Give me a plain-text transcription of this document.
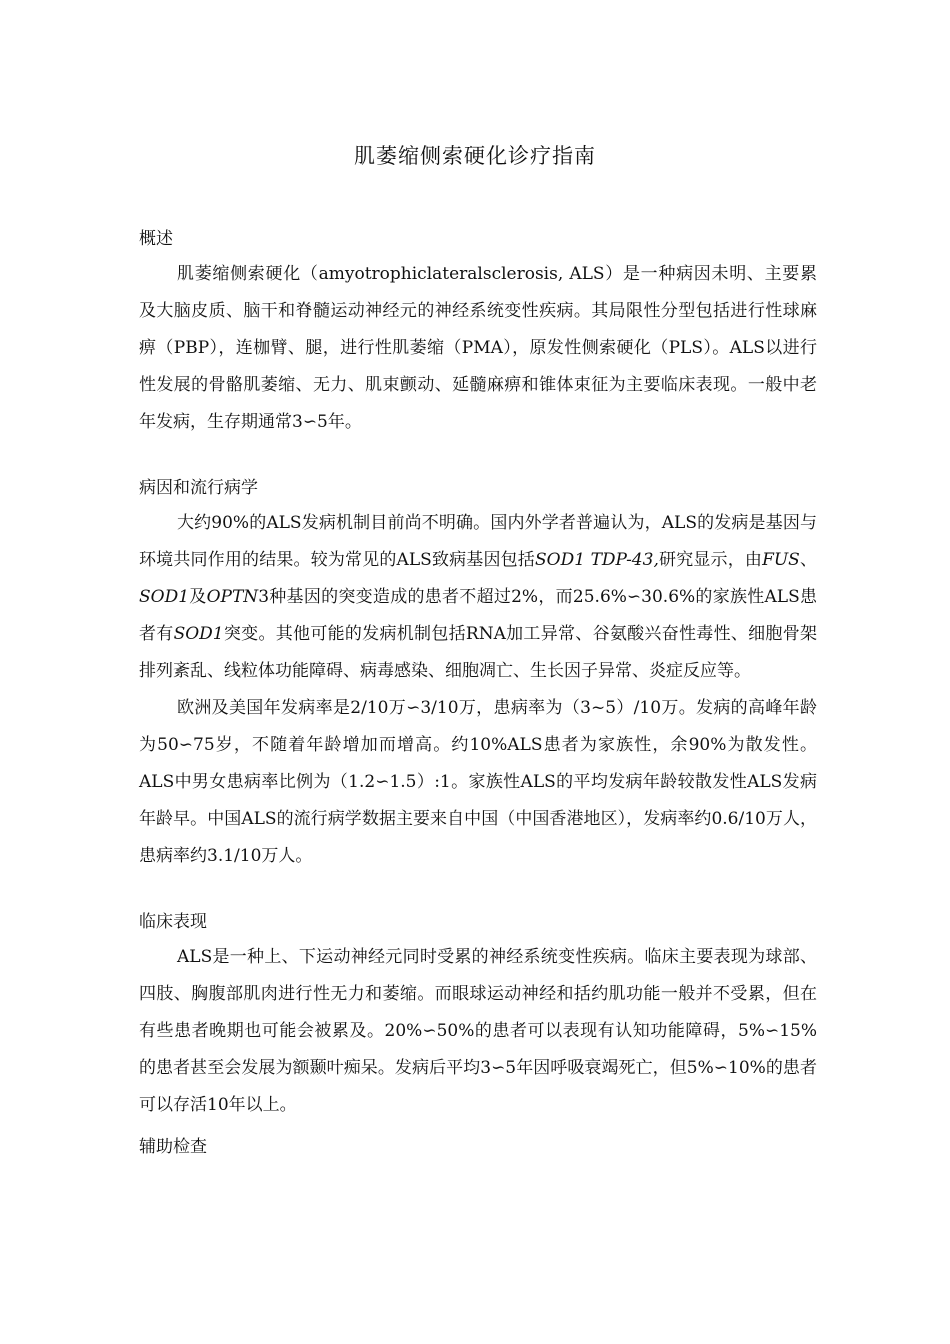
肌萎缩侧索硬化诊疗指南
概述

肌萎缩侧索硬化（amyotrophiclateralsclerosis, ALS）是一种病因未明、主要累及大脑皮质、脑干和脊髓运动神经元的神经系统变性疾病。其局限性分型包括进行性球麻痹（PBP），连枷臂、腿，进行性肌萎缩（PMA），原发性侧索硬化（PLS）。ALS以进行性发展的骨骼肌萎缩、无力、肌束颤动、延髓麻痹和锥体束征为主要临床表现。一般中老年发病，生存期通常3∽5年。

病因和流行病学

大约90%的ALS发病机制目前尚不明确。国内外学者普遍认为，ALS的发病是基因与环境共同作用的结果。较为常见的ALS致病基因包括SOD1 TDP-43,研究显示，由FUS、SOD1及OPTN3种基因的突变造成的患者不超过2%，而25.6%∽30.6%的家族性ALS患者有SOD1突变。其他可能的发病机制包括RNA加工异常、谷氨酸兴奋性毒性、细胞骨架排列紊乱、线粒体功能障碍、病毒感染、细胞凋亡、生长因子异常、炎症反应等。

欧洲及美国年发病率是2/10万∽3/10万，患病率为（3~5）/10万。发病的高峰年龄为50∽75岁，不随着年龄增加而增高。约10%ALS患者为家族性，余90%为散发性。ALS中男女患病率比例为（1.2∽1.5）:1。家族性ALS的平均发病年龄较散发性ALS发病年龄早。中国ALS的流行病学数据主要来自中国（中国香港地区），发病率约0.6/10万人，患病率约3.1/10万人。

临床表现

ALS是一种上、下运动神经元同时受累的神经系统变性疾病。临床主要表现为球部、四肢、胸腹部肌肉进行性无力和萎缩。而眼球运动神经和括约肌功能一般并不受累，但在有些患者晚期也可能会被累及。20%∽50%的患者可以表现有认知功能障碍，5%∽15%的患者甚至会发展为额颞叶痴呆。发病后平均3∽5年因呼吸衰竭死亡，但5%∽10%的患者可以存活10年以上。

辅助检查
